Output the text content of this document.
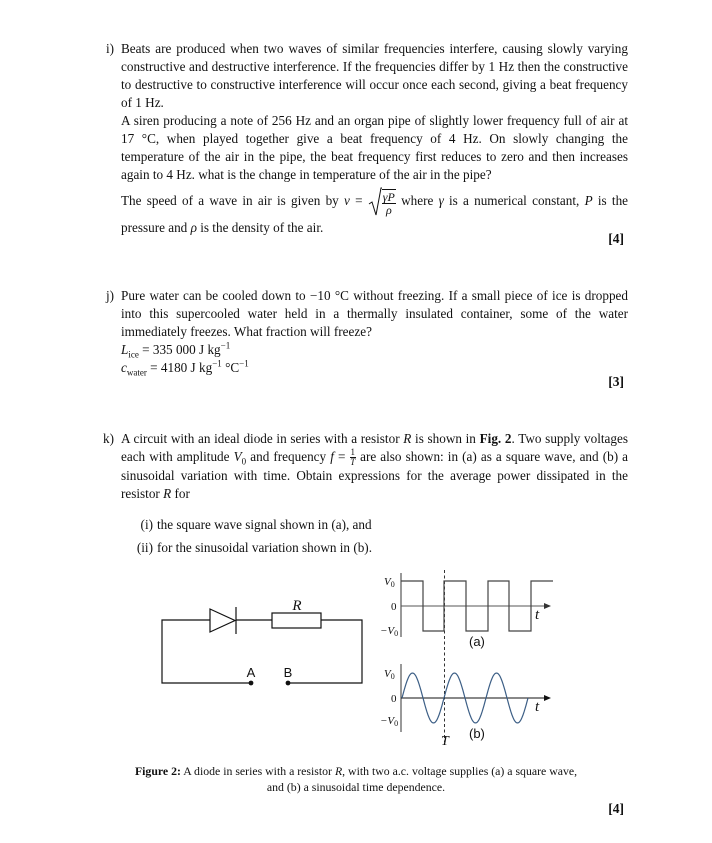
i) Beats are produced when two waves of similar frequencies interfere, causing slowly varying constructive and destructive interference. If the frequencies differ by 1 Hz then the constructive to destructive to constructive interference will occur once each second, giving a beat frequency of 1 Hz.

A siren producing a note of 256 Hz and an organ pipe of slightly lower frequency full of air at 17 °C, when played together give a beat frequency of 4 Hz. On slowly changing the temperature of the air in the pipe, the beat frequency first reduces to zero and then increases again to 4 Hz. what is the change in temperature of the air in the pipe?

The speed of a wave in air is given by $v = \frac{\gamma P}{\rho}$ where γ is a numerical constant, P is the pressure and ρ is the density of the air.

[4]
j) Pure water can be cooled down to −10 °C without freezing. If a small piece of ice is dropped into this supercooled water held in a thermally insulated container, some of the water immediately freezes. What fraction will freeze?

$L_{ice} = 335$ 000 J $kg^{-1}$

$c_{water} = 4180$ J $kg^{-1}$ $^\circ C^{-1}$

[3]
k) A circuit with an ideal diode in series with a resistor R is shown in Fig. 2. Two supply voltages each with amplitude $V_0$ and frequency $f = \frac{1}{T}$ are also shown: in (a) as a square wave, and (b) a sinusoidal variation with time. Obtain expressions for the average power dissipated in the resistor R for

(i) the square wave signal shown in (a), and
(ii) for the sinusoidal variation shown in (b).
R
A B
V0
0
−V0
t
(a)
V0
0
−V0
t
T
(b)
Figure 2: A diode in series with a resistor R, with two a.c. voltage supplies (a) a square wave,
and (b) a sinusoidal time dependence.
[4]
